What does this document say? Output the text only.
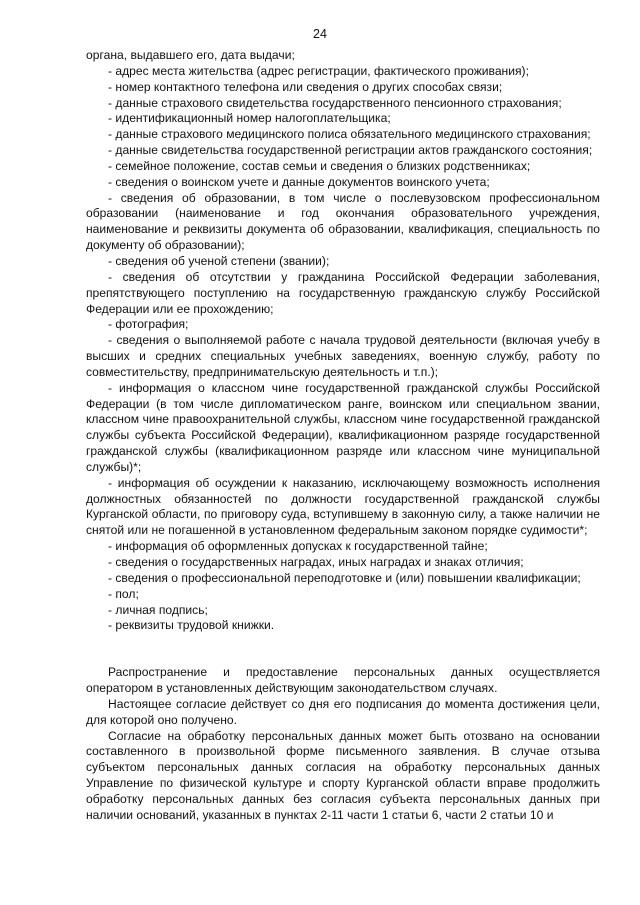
24

органа, выдавшего его, дата выдачи;

- адрес места жительства (адрес регистрации, фактического проживания);

- номер контактного телефона или сведения о других способах связи;

- данные страхового свидетельства государственного пенсионного страхования;

- идентификационный номер налогоплательщика;

- данные страхового медицинского полиса обязательного медицинского страхования;

- данные свидетельства государственной регистрации актов гражданского состояния;

- семейное положение, состав семьи и сведения о близких родственниках;

- сведения о воинском учете и данные документов воинского учета;

- сведения об образовании, в том числе о послевузовском профессиональном образовании (наименование и год окончания образовательного учреждения, наименование и реквизиты документа об образовании, квалификация, специальность по документу об образовании);

- сведения об ученой степени (звании);

- сведения об отсутствии у гражданина Российской Федерации заболевания, препятствующего поступлению на государственную гражданскую службу Российской Федерации или ее прохождению;

- фотография;

- сведения о выполняемой работе с начала трудовой деятельности (включая учебу в высших и средних специальных учебных заведениях, военную службу, работу по совместительству, предпринимательскую деятельность и т.п.);

- информация о классном чине государственной гражданской службы Российской Федерации (в том числе дипломатическом ранге, воинском или специальном звании, классном чине правоохранительной службы, классном чине государственной гражданской службы субъекта Российской Федерации), квалификационном разряде государственной гражданской службы (квалификационном разряде или классном чине муниципальной службы)*;

- информация об осуждении к наказанию, исключающему возможность исполнения должностных обязанностей по должности государственной гражданской службы Курганской области, по приговору суда, вступившему в законную силу, а также наличии не снятой или не погашенной в установленном федеральным законом порядке судимости*;

- информация об оформленных допусках к государственной тайне;

- сведения о государственных наградах, иных наградах и знаках отличия;

- сведения о профессиональной переподготовке и (или) повышении квалификации;

- пол;

- личная подпись;

- реквизиты трудовой книжки.

Распространение и предоставление персональных данных осуществляется оператором в установленных действующим законодательством случаях.

Настоящее согласие действует со дня его подписания до момента достижения цели, для которой оно получено.

Согласие на обработку персональных данных может быть отозвано на основании составленного в произвольной форме письменного заявления. В случае отзыва субъектом персональных данных согласия на обработку персональных данных Управление по физической культуре и спорту Курганской области вправе продолжить обработку персональных данных без согласия субъекта персональных данных при наличии оснований, указанных в пунктах 2-11 части 1 статьи 6, части 2 статьи 10 и
